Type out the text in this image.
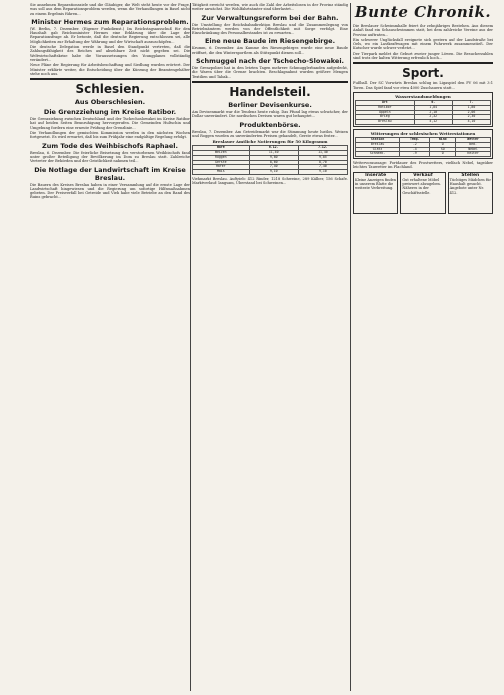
Sie annehmen Reparationsziele und die Gläubiger, die Welt steht heute vor der Frage, was soll aus dem Reparationsproblem werden, wenn die Verhandlungen in Basel nicht zu einem Ergebnis führen...

Minister Hermes zum Reparationsproblem.

(W. Berlin, 7. Dezember. (Eigener Funkdienst.) Im Reichstagsausschuß für den Haushalt gab Reichsminister Hermes eine Erklärung über die Lage der Reparationsfrage ab. Er betonte, daß die deutsche Regierung entschlossen sei, alle Möglichkeiten zur Erhaltung der Währung und der Wirtschaft auszuschöpfen...

Die deutsche Delegation werde in Basel den Standpunkt vertreten, daß die Zahlungsfähigkeit des Reiches auf absehbare Zeit nicht gegeben sei. Die Weltwirtschaftskrise habe die Voraussetzungen des Youngplanes vollständig verändert...

Neue Pläne der Regierung für Arbeitsbeschaffung und Siedlung wurden erörtert. Der Minister erklärte weiter, die Entscheidung über die Kürzung der Beamtengehälter stehe noch aus.

Schlesien.
Aus Oberschlesien.
Die Grenzziehung im Kreise Ratibor.

Die Grenzziehung zwischen Deutschland und der Tschechoslowakei im Kreise Ratibor hat auf beiden Seiten Beunruhigung hervorgerufen. Die Gemeinden Hultschin und Umgebung fordern eine erneute Prüfung der Grenzlinie...

Die Verhandlungen der gemischten Kommission werden in den nächsten Wochen fortgesetzt. Es wird erwartet, daß bis zum Frühjahr eine endgültige Regelung erfolgt.

Zum Tode des Weihbischofs Raphael.

Breslau, 6. Dezember. Die feierliche Beisetzung des verstorbenen Weihbischofs fand unter großer Beteiligung der Bevölkerung im Dom zu Breslau statt. Zahlreiche Vertreter der Behörden und der Geistlichkeit nahmen teil...

Die Notlage der Landwirtschaft im Kreise Breslau.

Die Bauern des Kreises Breslau haben in einer Versammlung auf die ernste Lage der Landwirtschaft hingewiesen und die Regierung um sofortige Hilfsmaßnahmen gebeten. Der Preisverfall bei Getreide und Vieh habe viele Betriebe an den Rand des Ruins gebracht...

Tätigkeit erreicht werden, wie auch die Zahl der Arbeitslosen in der Provinz ständig weiter anwächst. Die Wohlfahrtsämter sind überlastet...

Zur Verwaltungsreform bei der Bahn.

Die Umstellung der Reichsbahndirektion Breslau und die Zusammenlegung von Betriebsämtern werden von der Öffentlichkeit mit Sorge verfolgt. Eine Einschränkung des Personalbestandes ist zu erwarten...

Eine neue Baude im Riesengebirge.

Krumm, 6. Dezember. Am Kamme des Riesengebirges wurde eine neue Baude eröffnet, die den Wintersportlern als Stützpunkt dienen soll...

Schmuggel nach der Tschecho-Slowakei.

Die Grenzpolizei hat in den letzten Tagen mehrere Schmugglerbanden aufgedeckt, die Waren über die Grenze brachten. Beschlagnahmt wurden größere Mengen Textilien und Tabak...

Handelsteil.
Berliner Devisenkurse.

Am Devisenmarkt war die Tendenz heute ruhig. Das Pfund lag etwas schwächer, der Dollar unverändert. Die nordischen Devisen waren gut behauptet...

Produktenbörse.

Breslau, 7. Dezember. Am Getreidemarkt war die Stimmung heute lustlos. Weizen und Roggen wurden zu unveränderten Preisen gehandelt, Gerste etwas fester...

Breslauer Amtliche Notierungen für 50 Kilogramm
Ware	6.12.	7.12.
Weizen	11,40	11,40
Roggen	9,80	9,85
Gerste	8,60	8,70
Hafer	7,40	7,40
Mais	9,10	9,10

Viehmarkt Breslau. Auftrieb: 412 Rinder, 1218 Schweine, 289 Kälber, 156 Schafe. Marktverlauf: langsam, Überstand bei Schweinen...

Bunte Chronik.

Die Breslauer Schwimmhalle feiert ihr zehnjähriges Bestehen. Aus diesem Anlaß fand ein Schauschwimmen statt, bei dem zahlreiche Vereine aus der Provinz auftraten...

Ein schwerer Unglücksfall ereignete sich gestern auf der Landstraße bei Oels, wo ein Lastkraftwagen mit einem Fuhrwerk zusammenstieß. Der Kutscher wurde schwer verletzt...

Der Tierpark meldet die Geburt zweier junger Löwen. Die Besucherzahlen sind trotz der kalten Witterung erfreulich hoch...

Sport.

Fußball. Der SC Vorwärts Breslau schlug im Ligaspiel den FV 06 mit 3:1 Toren. Das Spiel fand vor etwa 4000 Zuschauern statt...

Wasserstandsmeldungen
Ort	6.	7.
Ratibor	1,84	1,80
Oppeln	2,10	2,06
Brieg	2,32	2,30
Breslau	4,12	4,10
Witterungen der schlesischen Wetterstationen
Station	Temp.	Wind	Wetter
Breslau	-2	O	bed.
Glatz	-4	SO	Nebel
Schneek.	-9	O	heiter

Wettervoraussage: Fortdauer des Frostwetters, vielfach Nebel, tagsüber leichtes Tauwetter im Flachland.

Inserate
Kleine Anzeigen finden in unserem Blatte die weiteste Verbreitung.
Verkauf
Gut erhaltene Möbel preiswert abzugeben. Näheres in der Geschäftsstelle.
Stellen
Tüchtiges Mädchen für Haushalt gesucht. Angebote unter Nr. 412.
